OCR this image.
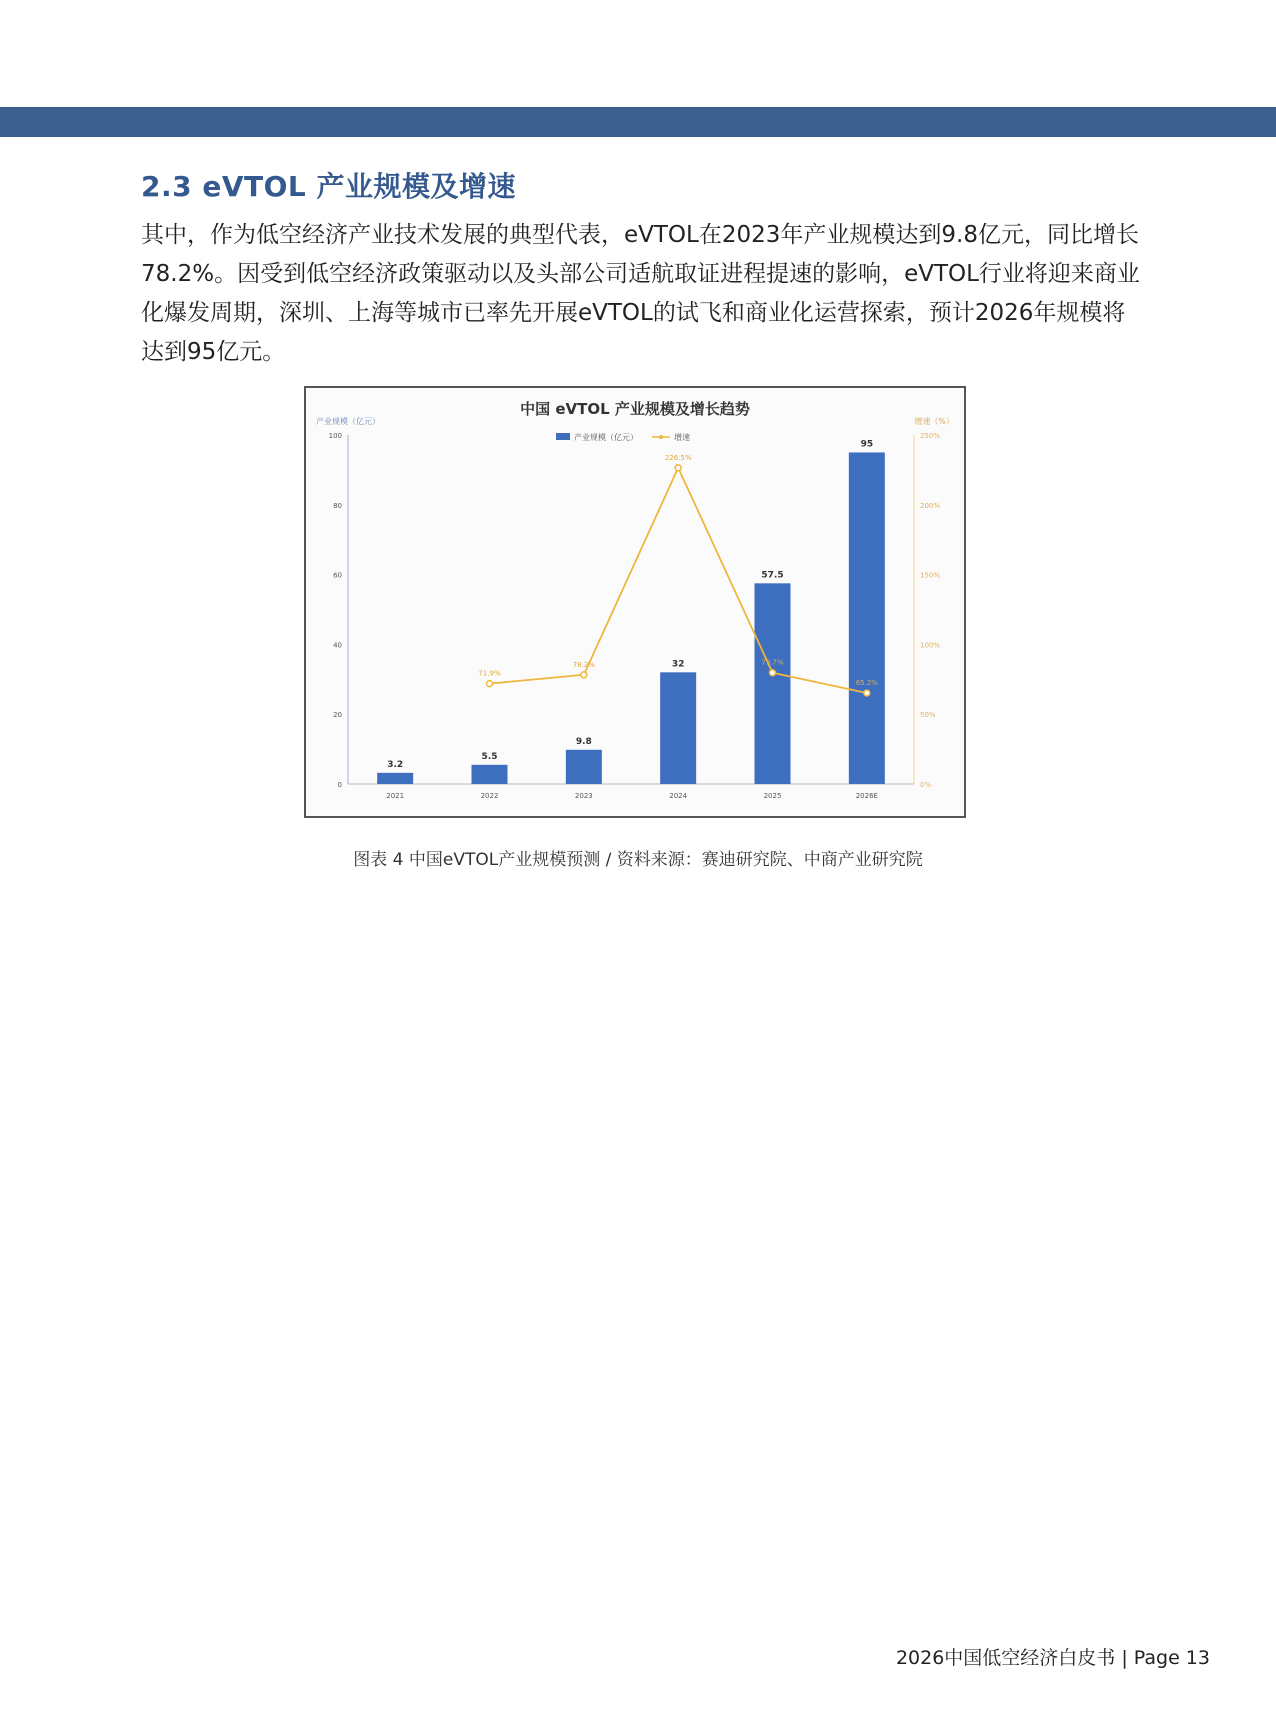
2.3 eVTOL 产业规模及增速

其中，作为低空经济产业技术发展的典型代表，eVTOL在2023年产业规模达到9.8亿元，同比增长78.2%。因受到低空经济政策驱动以及头部公司适航取证进程提速的影响，eVTOL行业将迎来商业化爆发周期，深圳、上海等城市已率先开展eVTOL的试飞和商业化运营探索，预计2026年规模将达到95亿元。

中国 eVTOL 产业规模及增长趋势
产业规模（亿元）	增速（%）
产业规模（亿元）	增速
0
20
40
60
80
100
0%
50%
100%
150%
200%
250%
3.2
2021
5.5
2022
9.8
2023
32
2024
57.5
2025
95
2026E
71.9%
78.2%
226.5%
79.7%
65.2%
图表 4 中国eVTOL产业规模预测 / 资料来源：赛迪研究院、中商产业研究院
2026中国低空经济白皮书 | Page 13
